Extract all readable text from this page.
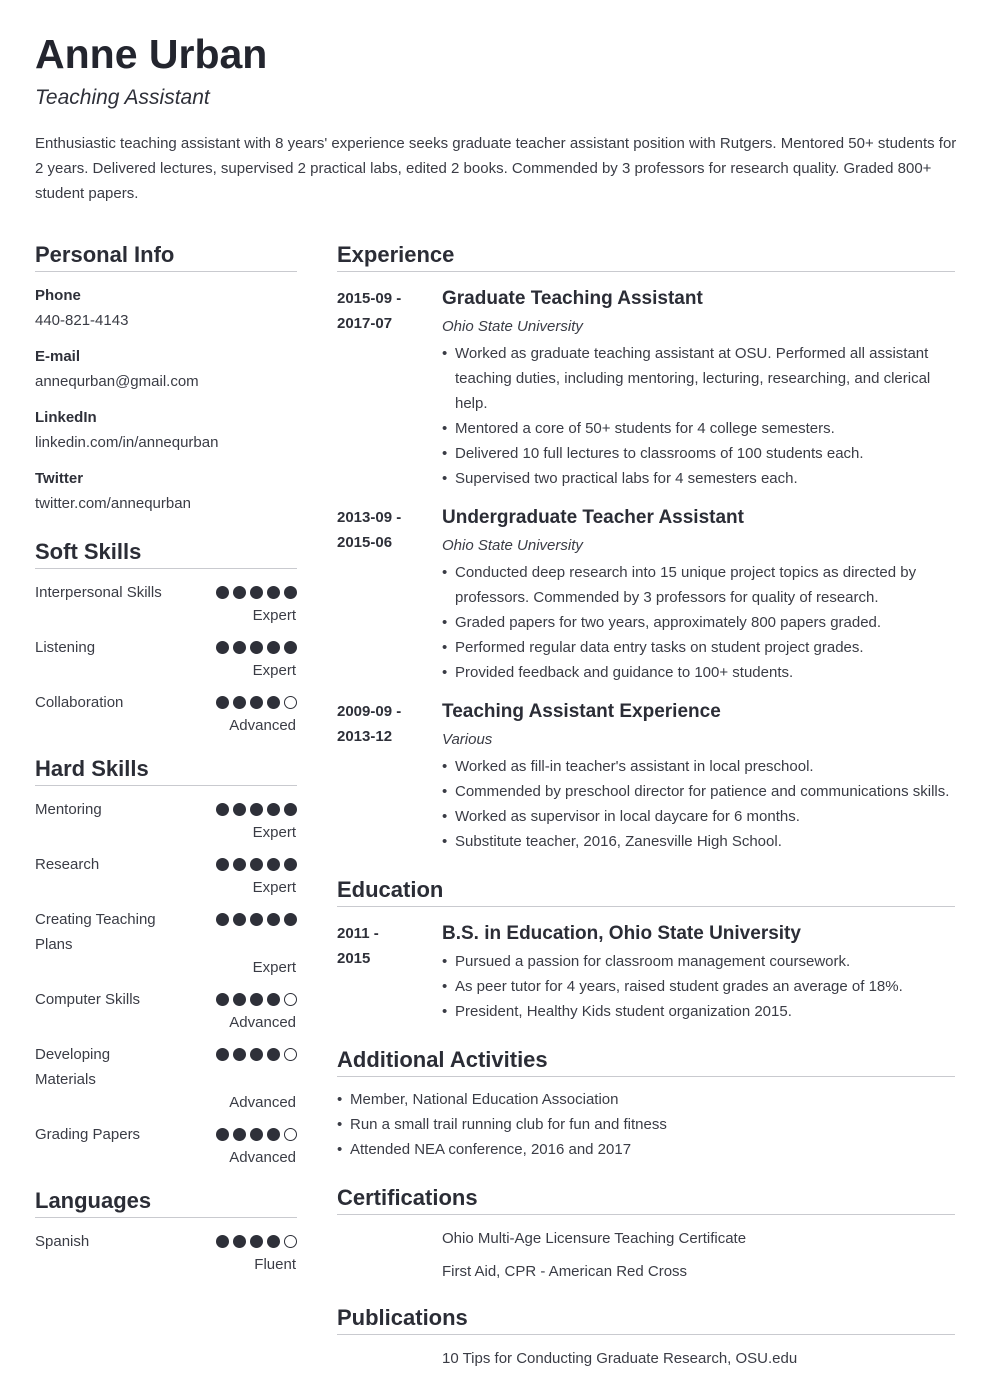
Anne Urban
Teaching Assistant
Enthusiastic teaching assistant with 8 years' experience seeks graduate teacher assistant position with Rutgers. Mentored 50+ students for 2 years. Delivered lectures, supervised 2 practical labs, edited 2 books. Commended by 3 professors for research quality. Graded 800+ student papers.
Personal Info
Phone
440-821-4143
E-mail
annequrban@gmail.com
LinkedIn
linkedin.com/in/annequrban
Twitter
twitter.com/annequrban
Soft Skills
Interpersonal Skills
Expert
Listening
Expert
Collaboration
Advanced
Hard Skills
Mentoring
Expert
Research
Expert
Creating Teaching Plans
Expert
Computer Skills
Advanced
Developing Materials
Advanced
Grading Papers
Advanced
Languages
Spanish
Fluent
Experience
2015-09 -
2017-07
Graduate Teaching Assistant
Ohio State University
• Worked as graduate teaching assistant at OSU. Performed all assistant teaching duties, including mentoring, lecturing, researching, and clerical help.
• Mentored a core of 50+ students for 4 college semesters.
• Delivered 10 full lectures to classrooms of 100 students each.
• Supervised two practical labs for 4 semesters each.
2013-09 -
2015-06
Undergraduate Teacher Assistant
Ohio State University
• Conducted deep research into 15 unique project topics as directed by professors. Commended by 3 professors for quality of research.
• Graded papers for two years, approximately 800 papers graded.
• Performed regular data entry tasks on student project grades.
• Provided feedback and guidance to 100+ students.
2009-09 -
2013-12
Teaching Assistant Experience
Various
• Worked as fill-in teacher's assistant in local preschool.
• Commended by preschool director for patience and communications skills.
• Worked as supervisor in local daycare for 6 months.
• Substitute teacher, 2016, Zanesville High School.
Education
2011 -
2015
B.S. in Education, Ohio State University
• Pursued a passion for classroom management coursework.
• As peer tutor for 4 years, raised student grades an average of 18%.
• President, Healthy Kids student organization 2015.
Additional Activities
• Member, National Education Association
• Run a small trail running club for fun and fitness
• Attended NEA conference, 2016 and 2017
Certifications
Ohio Multi-Age Licensure Teaching Certificate
First Aid, CPR - American Red Cross
Publications
10 Tips for Conducting Graduate Research, OSU.edu
